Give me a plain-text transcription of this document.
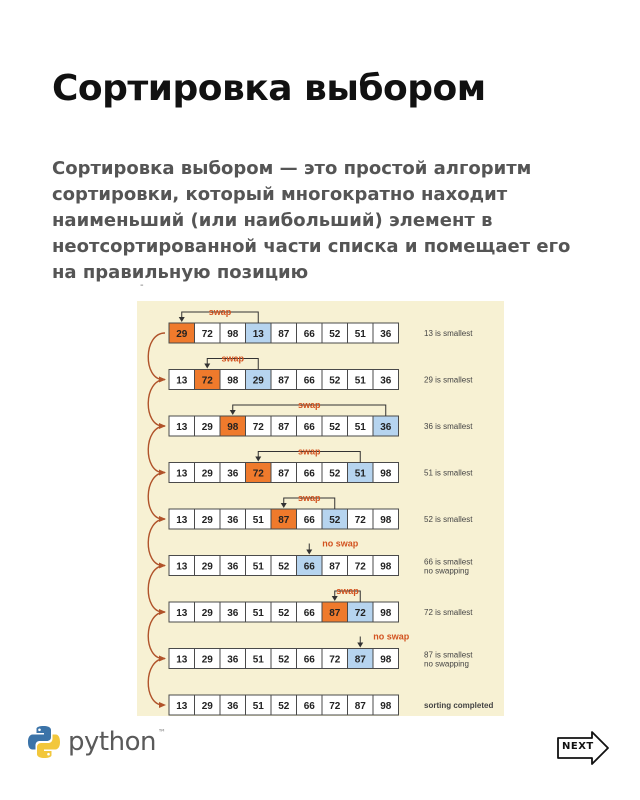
Сортировка выбором

Сортировка выбором — это простой алгоритм сортировки, который многократно находит наименьший (или наибольший) элемент в неотсортированной части списка и помещает его на правильную позицию

-
29 72 98 13 87 66 52 51 36	13 is smallest
swap
13 72 98 29 87 66 52 51 36	29 is smallest
swap
13 29 98 72 87 66 52 51 36	36 is smallest
swap
13 29 36 72 87 66 52 51 98	51 is smallest
swap
13 29 36 51 87 66 52 72 98	52 is smallest
swap
13 29 36 51 52 66 87 72 98	66 is smallest
no swapping
no swap
13 29 36 51 52 66 87 72 98	72 is smallest
swap
13 29 36 51 52 66 72 87 98	87 is smallest
no swapping
no swap
13 29 36 51 52 66 72 87 98	sorting completed
python ™
NEXT
